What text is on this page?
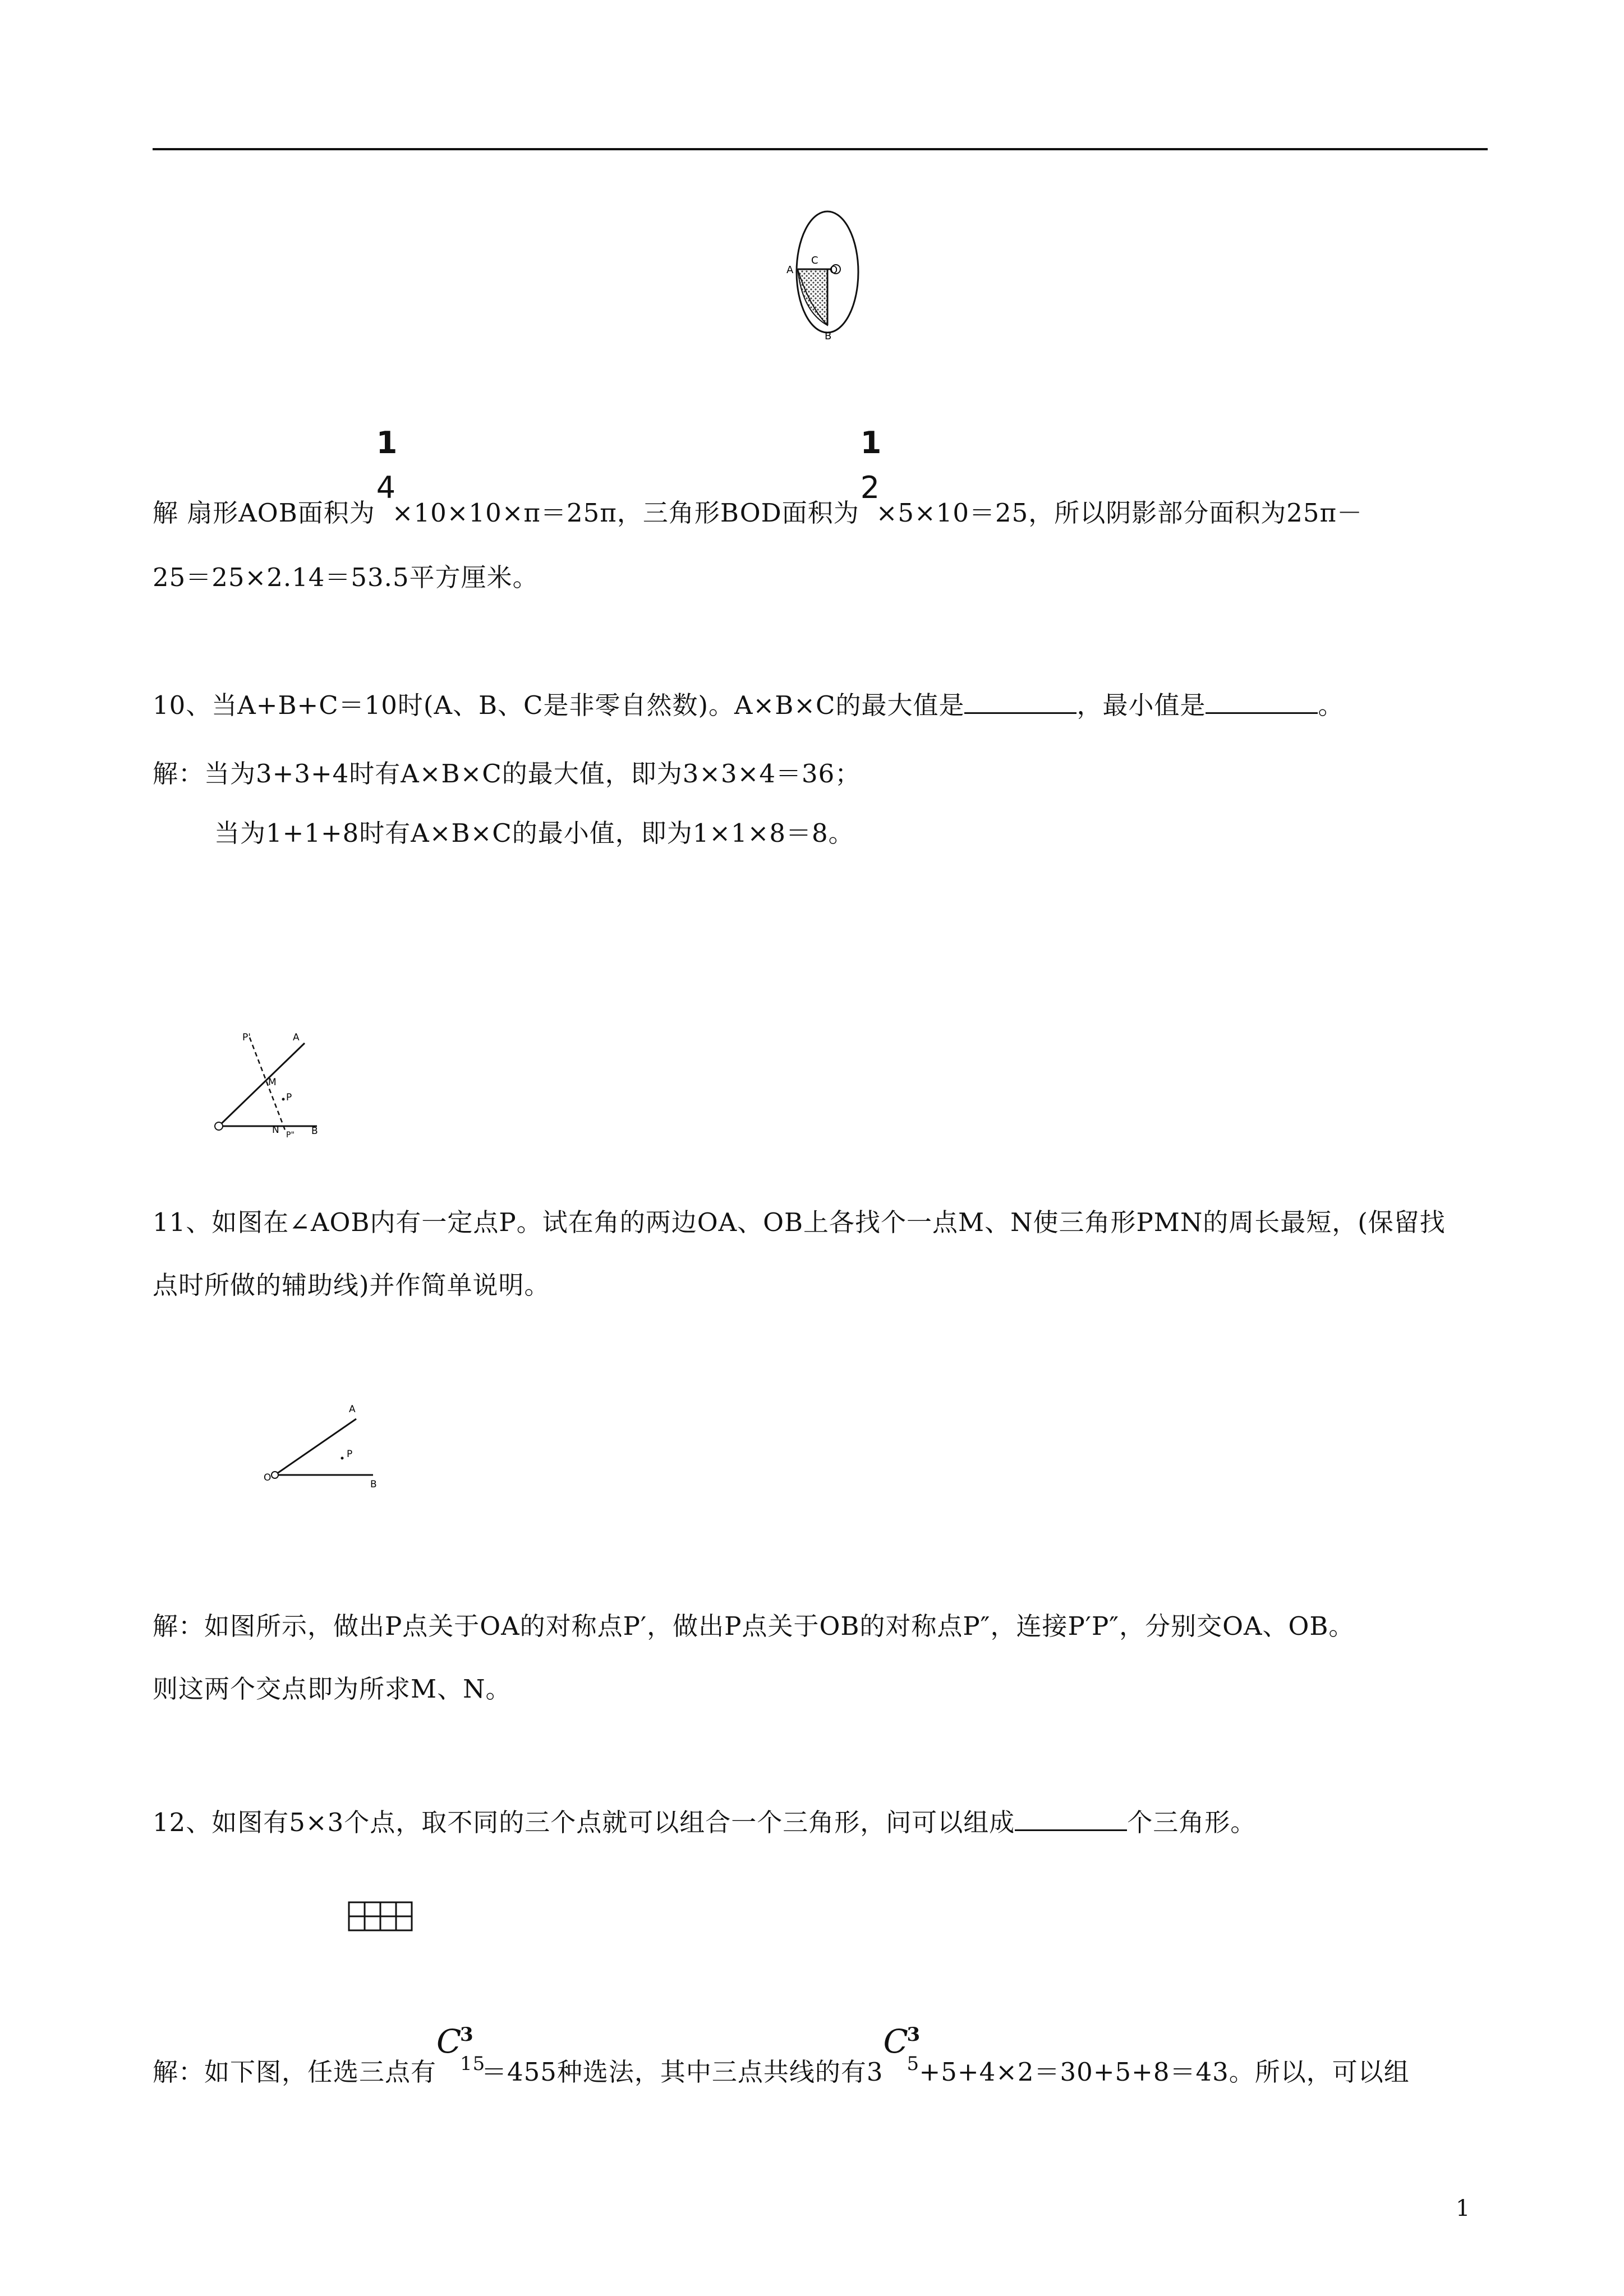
A
C
O
B
解 扇形AOB面积为
1
4
×10×10×π＝25π，三角形BOD面积为
1
2
×5×10＝25，所以阴影部分面积为25π－
25＝25×2.14＝53.5平方厘米。
10、当A+B+C＝10时(A、B、C是非零自然数)。A×B×C的最大值是	，最小值是	。
解：当为3+3+4时有A×B×C的最大值，即为3×3×4＝36；
当为1+1+8时有A×B×C的最小值，即为1×1×8＝8。
P'	A
M
P
N P" B
11、如图在∠AOB内有一定点P。试在角的两边OA、OB上各找个一点M、N使三角形PMN的周长最短，(保留找
点时所做的辅助线)并作简单说明。
A
P
O
B
解：如图所示，做出P点关于OA的对称点P′，做出P点关于OB的对称点P″，连接P′P″，分别交OA、OB。
则这两个交点即为所求M、N。
12、如图有5×3个点，取不同的三个点就可以组合一个三角形，问可以组成	个三角形。
解：如下图，任选三点有
C
3
15
＝455种选法，其中三点共线的有3
C
3
5 +5+4×2＝30+5+8＝43。所以，可以组
1
